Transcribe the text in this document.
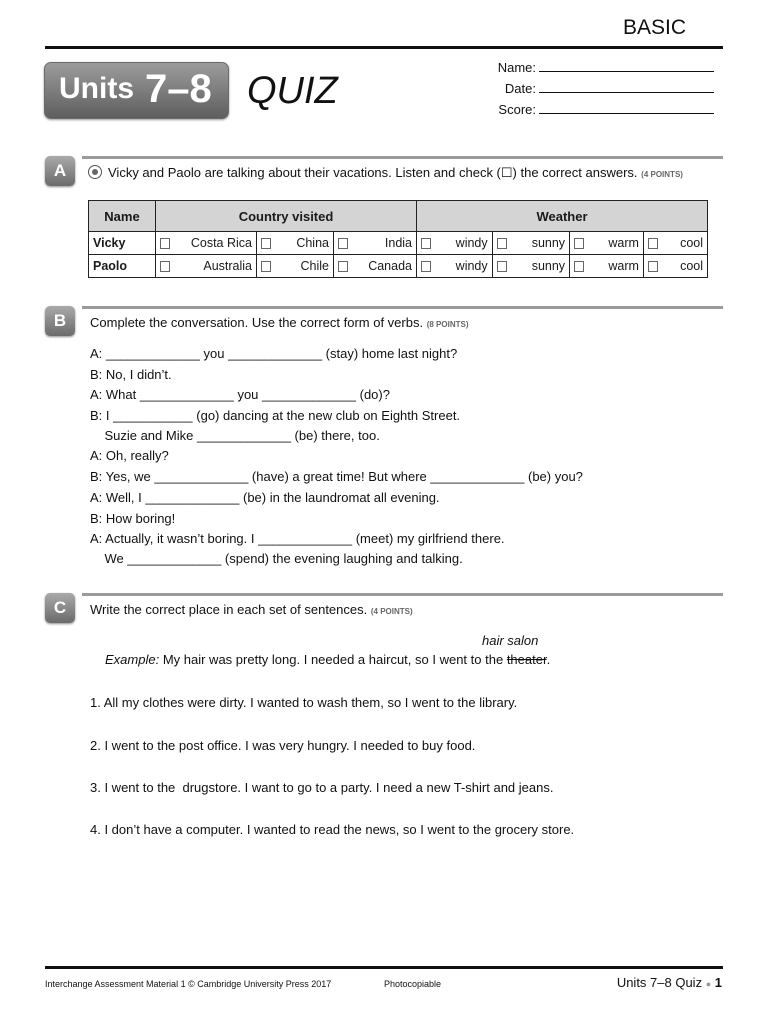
BASIC
Units 7–8 QUIZ
Name:
Date:
Score:
A	Vicky and Paolo are talking about their vacations. Listen and check (☐) the correct answers. (4 POINTS)
Name	Country visited			Weather			
Vicky	Costa Rica	China	India	windy	sunny	warm	cool

Paolo	Australia	Chile	Canada	windy	sunny	warm	cool
B	Complete the conversation. Use the correct form of verbs. (8 POINTS)
A: _____________ you _____________ (stay) home last night?
B: No, I didn’t.
A: What _____________ you _____________ (do)?
B: I ___________ (go) dancing at the new club on Eighth Street.
Suzie and Mike _____________ (be) there, too.
A: Oh, really?
B: Yes, we _____________ (have) a great time! But where _____________ (be) you?
A: Well, I _____________ (be) in the laundromat all evening.
B: How boring!
A: Actually, it wasn’t boring. I _____________ (meet) my girlfriend there.
We _____________ (spend) the evening laughing and talking.
C	Write the correct place in each set of sentences. (4 POINTS)
hair salon
Example: My hair was pretty long. I needed a haircut, so I went to the theater.
1. All my clothes were dirty. I wanted to wash them, so I went to the library.
2. I went to the post office. I was very hungry. I needed to buy food.
3. I went to the  drugstore. I want to go to a party. I need a new T-shirt and jeans.
4. I don’t have a computer. I wanted to read the news, so I went to the grocery store.
Interchange Assessment Material 1 © Cambridge University Press 2017	Photocopiable	Units 7–8 Quiz ● 1
